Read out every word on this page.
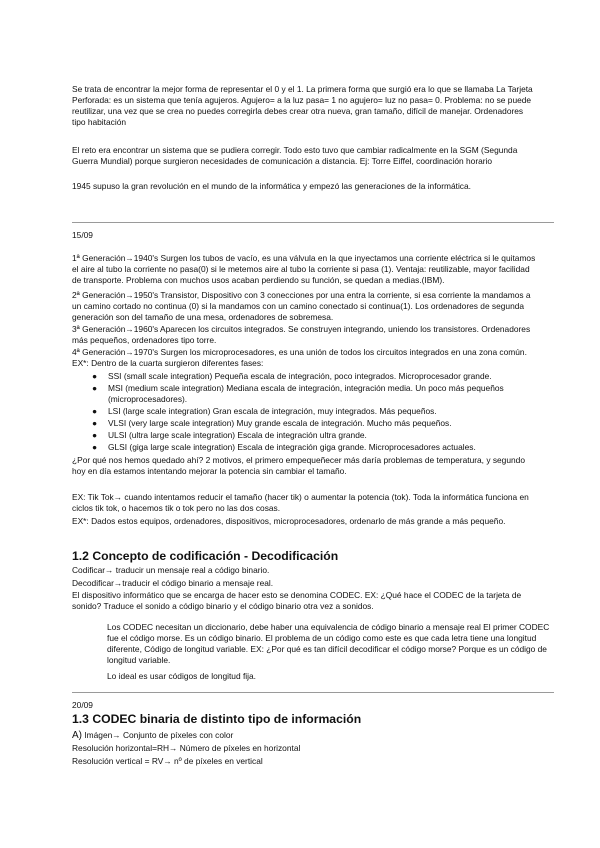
Se trata de encontrar la mejor forma de representar el 0 y el 1. La primera forma que surgió era lo que se llamaba La Tarjeta Perforada: es un sistema que tenía agujeros. Agujero= a la luz pasa= 1 no agujero= luz no pasa= 0. Problema: no se puede reutilizar, una vez que se crea no puedes corregirla debes crear otra nueva, gran tamaño, difícil de manejar. Ordenadores tipo habitación

El reto era encontrar un sistema que se pudiera corregir. Todo esto tuvo que cambiar radicalmente en la SGM (Segunda Guerra Mundial) porque surgieron necesidades de comunicación a distancia. Ej: Torre Eiffel, coordinación horario

1945 supuso la gran revolución en el mundo de la informática y empezó las generaciones de la informática.

15/09

1ª Generación→1940's Surgen los tubos de vacío, es una válvula en la que inyectamos una corriente eléctrica si le quitamos el aire al tubo la corriente no pasa(0) si le metemos aire al tubo la corriente si pasa (1). Ventaja: reutilizable, mayor facilidad de transporte. Problema con muchos usos acaban perdiendo su función, se quedan a medias.(IBM).

2ª Generación→1950's Transistor, Dispositivo con 3 conecciones por una entra la corriente, si esa corriente la mandamos a un camino cortado no continua (0) si la mandamos con un camino conectado si continua(1). Los ordenadores de segunda generación son del tamaño de una mesa, ordenadores de sobremesa.

3ª Generación→1960's Aparecen los circuitos integrados. Se construyen integrando, uniendo los transistores. Ordenadores más pequeños, ordenadores tipo torre.

4ª Generación→1970's Surgen los microprocesadores, es una unión de todos los circuitos integrados en una zona común. EX*: Dentro de la cuarta surgieron diferentes fases:

● SSI (small scale integration) Pequeña escala de integración, poco integrados. Microprocesador grande.
● MSI (medium scale integration) Mediana escala de integración, integración media. Un poco más pequeños (microprocesadores).
● LSI (large scale integration) Gran escala de integración, muy integrados. Más pequeños.
● VLSI (very large scale integration) Muy grande escala de integración. Mucho más pequeños.
● ULSI (ultra large scale integration) Escala de integración ultra grande.
● GLSI (giga large scale integration) Escala de integración giga grande. Microprocesadores actuales.

¿Por qué nos hemos quedado ahí? 2 motivos, el primero empequeñecer más daría problemas de temperatura, y segundo hoy en día estamos intentando mejorar la potencia sin cambiar el tamaño.

EX: Tik Tok→ cuando intentamos reducir el tamaño (hacer tik) o aumentar la potencia (tok). Toda la informática funciona en ciclos tik tok, o hacemos tik o tok pero no las dos cosas.

EX*: Dados estos equipos, ordenadores, dispositivos, microprocesadores, ordenarlo de más grande a más pequeño.

1.2 Concepto de codificación - Decodificación

Codificar→ traducir un mensaje real a código binario.

Decodificar→traducir el código binario a mensaje real.

El dispositivo informático que se encarga de hacer esto se denomina CODEC. EX: ¿Qué hace el CODEC de la tarjeta de sonido? Traduce el sonido a código binario y el código binario otra vez a sonidos.

Los CODEC necesitan un diccionario, debe haber una equivalencia de código binario a mensaje real El primer CODEC fue el código morse. Es un código binario. El problema de un código como este es que cada letra tiene una longitud diferente, Código de longitud variable. EX: ¿Por qué es tan difícil decodificar el código morse? Porque es un código de longitud variable.

Lo ideal es usar códigos de longitud fija.

20/09
1.3 CODEC binaria de distinto tipo de información

A) Imágen→ Conjunto de píxeles con color

Resolución horizontal=RH→ Número de píxeles en horizontal

Resolución vertical = RV→ nº de píxeles en vertical
